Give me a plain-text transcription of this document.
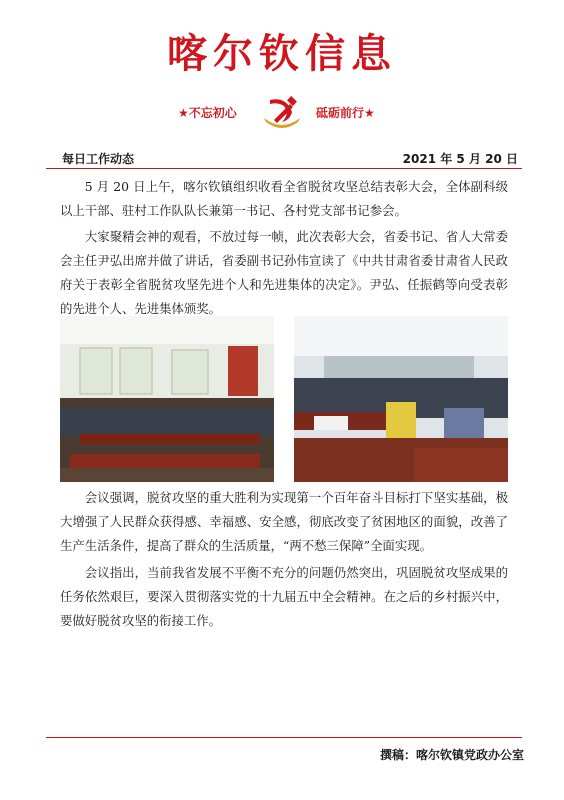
喀尔钦信息
★不忘初心	砥砺前行★
每日工作动态	2021 年 5 月 20 日

5 月 20 日上午，喀尔钦镇组织收看全省脱贫攻坚总结表彰大会，全体副科级以上干部、驻村工作队队长兼第一书记、各村党支部书记参会。

大家聚精会神的观看，不放过每一帧，此次表彰大会，省委书记、省人大常委会主任尹弘出席并做了讲话，省委副书记孙伟宣读了《中共甘肃省委甘肃省人民政府关于表彰全省脱贫攻坚先进个人和先进集体的决定》。尹弘、任振鹤等向受表彰的先进个人、先进集体颁奖。

会议强调，脱贫攻坚的重大胜利为实现第一个百年奋斗目标打下坚实基础，极大增强了人民群众获得感、幸福感、安全感，彻底改变了贫困地区的面貌，改善了生产生活条件，提高了群众的生活质量，“两不愁三保障”全面实现。

会议指出，当前我省发展不平衡不充分的问题仍然突出，巩固脱贫攻坚成果的任务依然艰巨，要深入贯彻落实党的十九届五中全会精神。在之后的乡村振兴中，要做好脱贫攻坚的衔接工作。

撰稿：喀尔钦镇党政办公室
